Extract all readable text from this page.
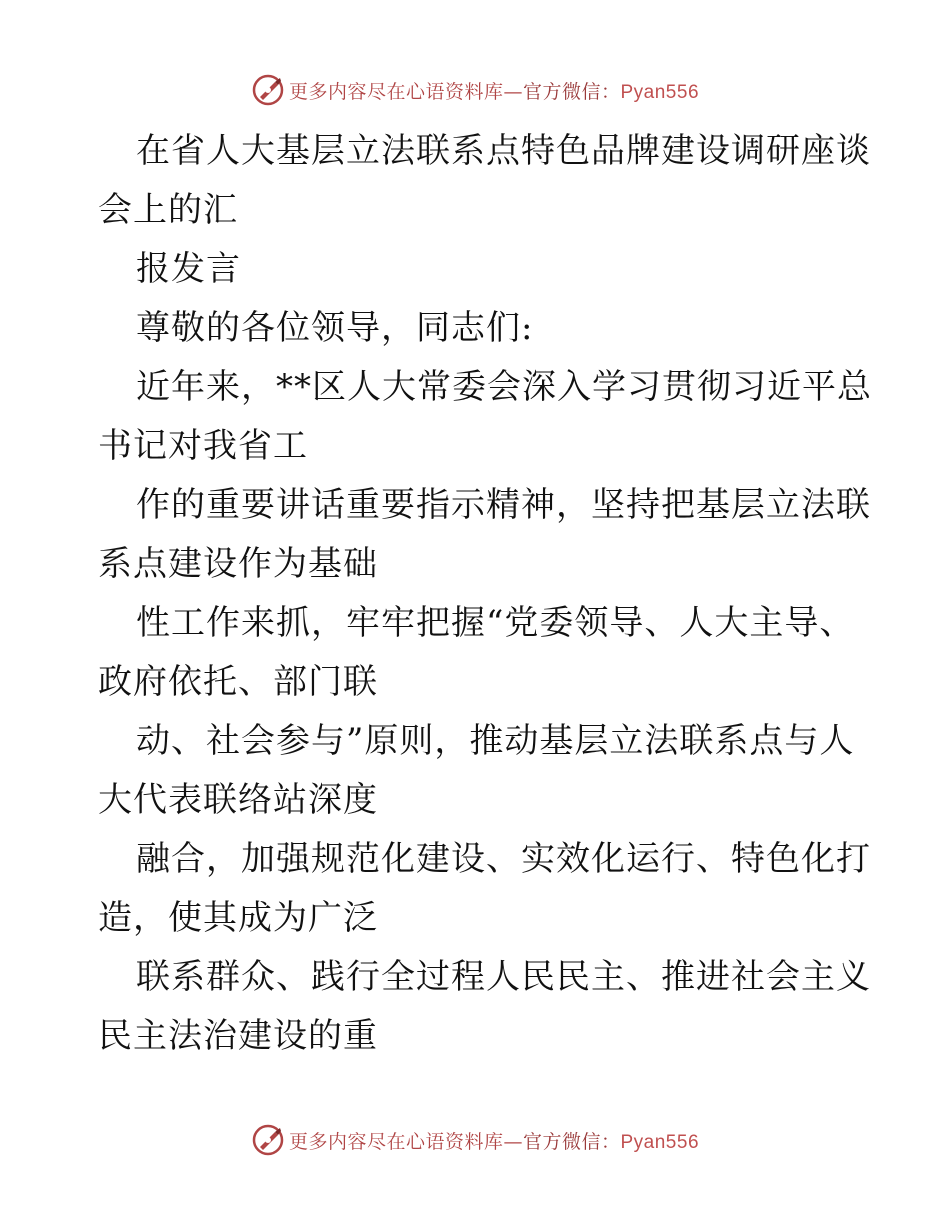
更多内容尽在心语资料库—官方微信：Pyan556
在省人大基层立法联系点特色品牌建设调研座谈
会上的汇
报发言
尊敬的各位领导，同志们:
近年来，**区人大常委会深入学习贯彻习近平总
书记对我省工
作的重要讲话重要指示精神，坚持把基层立法联
系点建设作为基础
性工作来抓，牢牢把握“党委领导、人大主导、
政府依托、部门联
动、社会参与”原则，推动基层立法联系点与人
大代表联络站深度
融合，加强规范化建设、实效化运行、特色化打
造，使其成为广泛
联系群众、践行全过程人民民主、推进社会主义
民主法治建设的重
更多内容尽在心语资料库—官方微信：Pyan556
